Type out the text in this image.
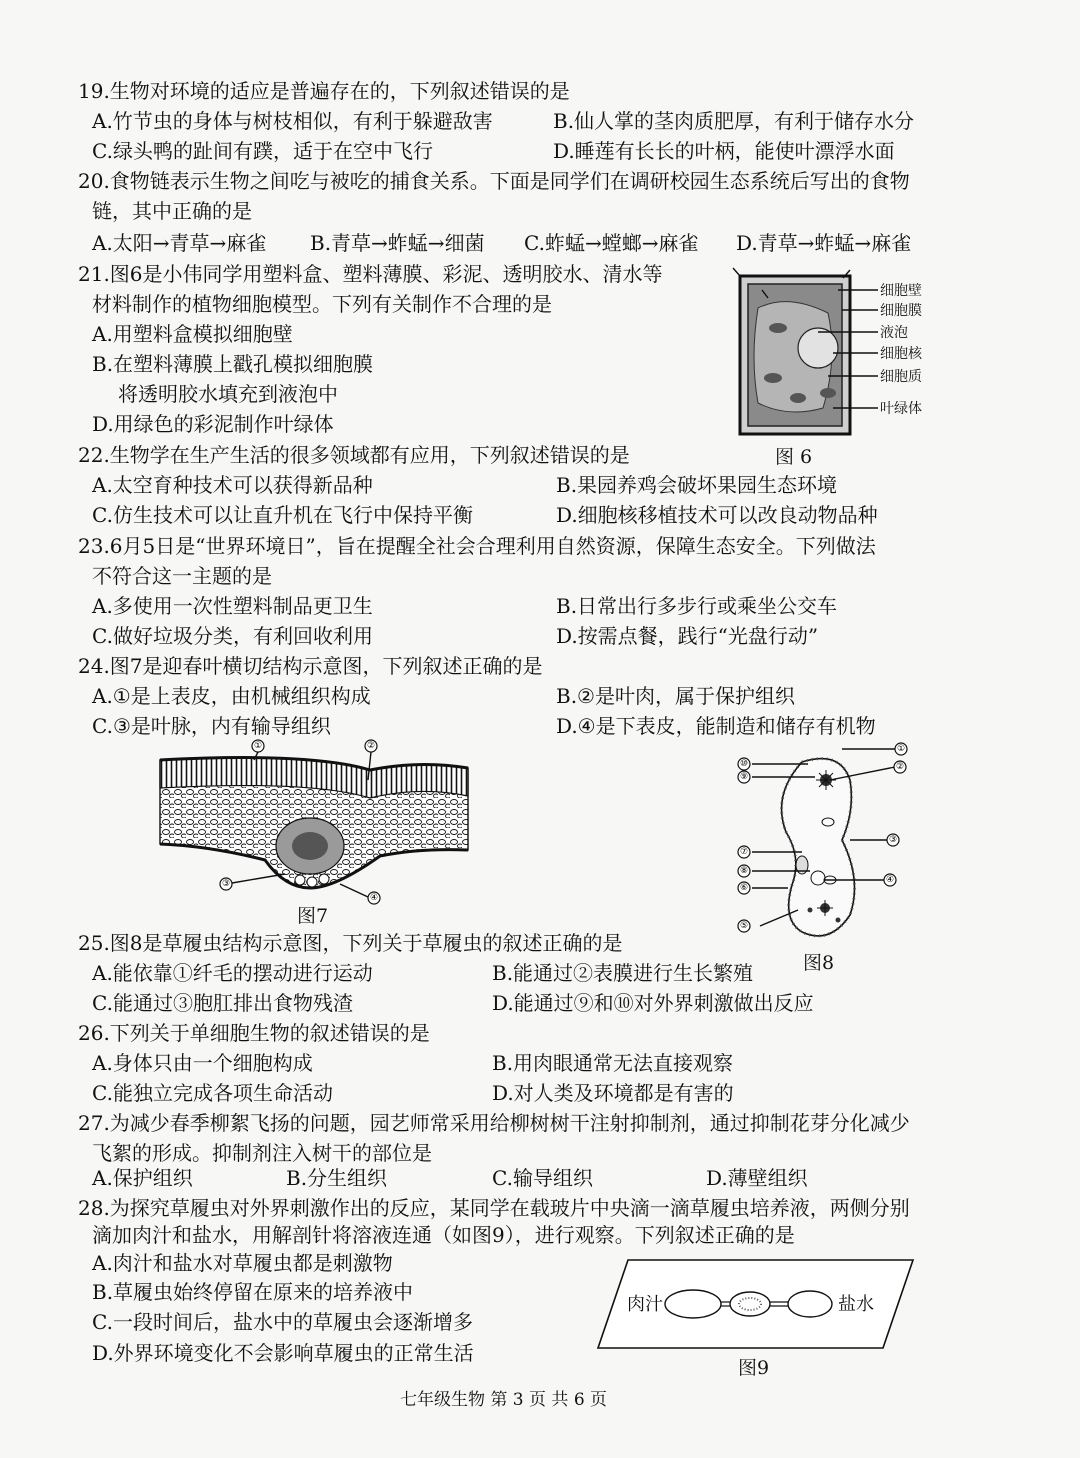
19.生物对环境的适应是普遍存在的，下列叙述错误的是
A.竹节虫的身体与树枝相似，有利于躲避敌害	B.仙人掌的茎肉质肥厚，有利于储存水分
C.绿头鸭的趾间有蹼，适于在空中飞行	D.睡莲有长长的叶柄，能使叶漂浮水面
20.食物链表示生物之间吃与被吃的捕食关系。下面是同学们在调研校园生态系统后写出的食物
链，其中正确的是
A.太阳→青草→麻雀 B.青草→蚱蜢→细菌 C.蚱蜢→螳螂→麻雀 D.青草→蚱蜢→麻雀
21.图6是小伟同学用塑料盒、塑料薄膜、彩泥、透明胶水、清水等
材料制作的植物细胞模型。下列有关制作不合理的是
A.用塑料盒模拟细胞壁
B.在塑料薄膜上戳孔模拟细胞膜
将透明胶水填充到液泡中
D.用绿色的彩泥制作叶绿体
细胞壁
细胞膜
液泡
细胞核
细胞质
叶绿体
图 6
22.生物学在生产生活的很多领域都有应用，下列叙述错误的是
A.太空育种技术可以获得新品种	B.果园养鸡会破坏果园生态环境
C.仿生技术可以让直升机在飞行中保持平衡	D.细胞核移植技术可以改良动物品种
23.6月5日是“世界环境日”，旨在提醒全社会合理利用自然资源，保障生态安全。下列做法
不符合这一主题的是
A.多使用一次性塑料制品更卫生	B.日常出行多步行或乘坐公交车
C.做好垃圾分类，有利回收利用	D.按需点餐，践行“光盘行动”
24.图7是迎春叶横切结构示意图，下列叙述正确的是
A.①是上表皮，由机械组织构成	B.②是叶肉，属于保护组织
C.③是叶脉，内有输导组织	D.④是下表皮，能制造和储存有机物
①	②
③
④
图7
①
②
③
④
⑤
⑥
⑦
⑧
⑨
⑩
图8
25.图8是草履虫结构示意图，下列关于草履虫的叙述正确的是
A.能依靠①纤毛的摆动进行运动	B.能通过②表膜进行生长繁殖
C.能通过③胞肛排出食物残渣	D.能通过⑨和⑩对外界刺激做出反应
26.下列关于单细胞生物的叙述错误的是
A.身体只由一个细胞构成	B.用肉眼通常无法直接观察
C.能独立完成各项生命活动	D.对人类及环境都是有害的
27.为减少春季柳絮飞扬的问题，园艺师常采用给柳树树干注射抑制剂，通过抑制花芽分化减少
飞絮的形成。抑制剂注入树干的部位是
A.保护组织	B.分生组织	C.输导组织	D.薄壁组织
28.为探究草履虫对外界刺激作出的反应，某同学在载玻片中央滴一滴草履虫培养液，两侧分别
滴加肉汁和盐水，用解剖针将溶液连通（如图9），进行观察。下列叙述正确的是
A.肉汁和盐水对草履虫都是刺激物
B.草履虫始终停留在原来的培养液中
C.一段时间后，盐水中的草履虫会逐渐增多
D.外界环境变化不会影响草履虫的正常生活
肉汁	盐水
图9
七年级生物 第 3 页 共 6 页
